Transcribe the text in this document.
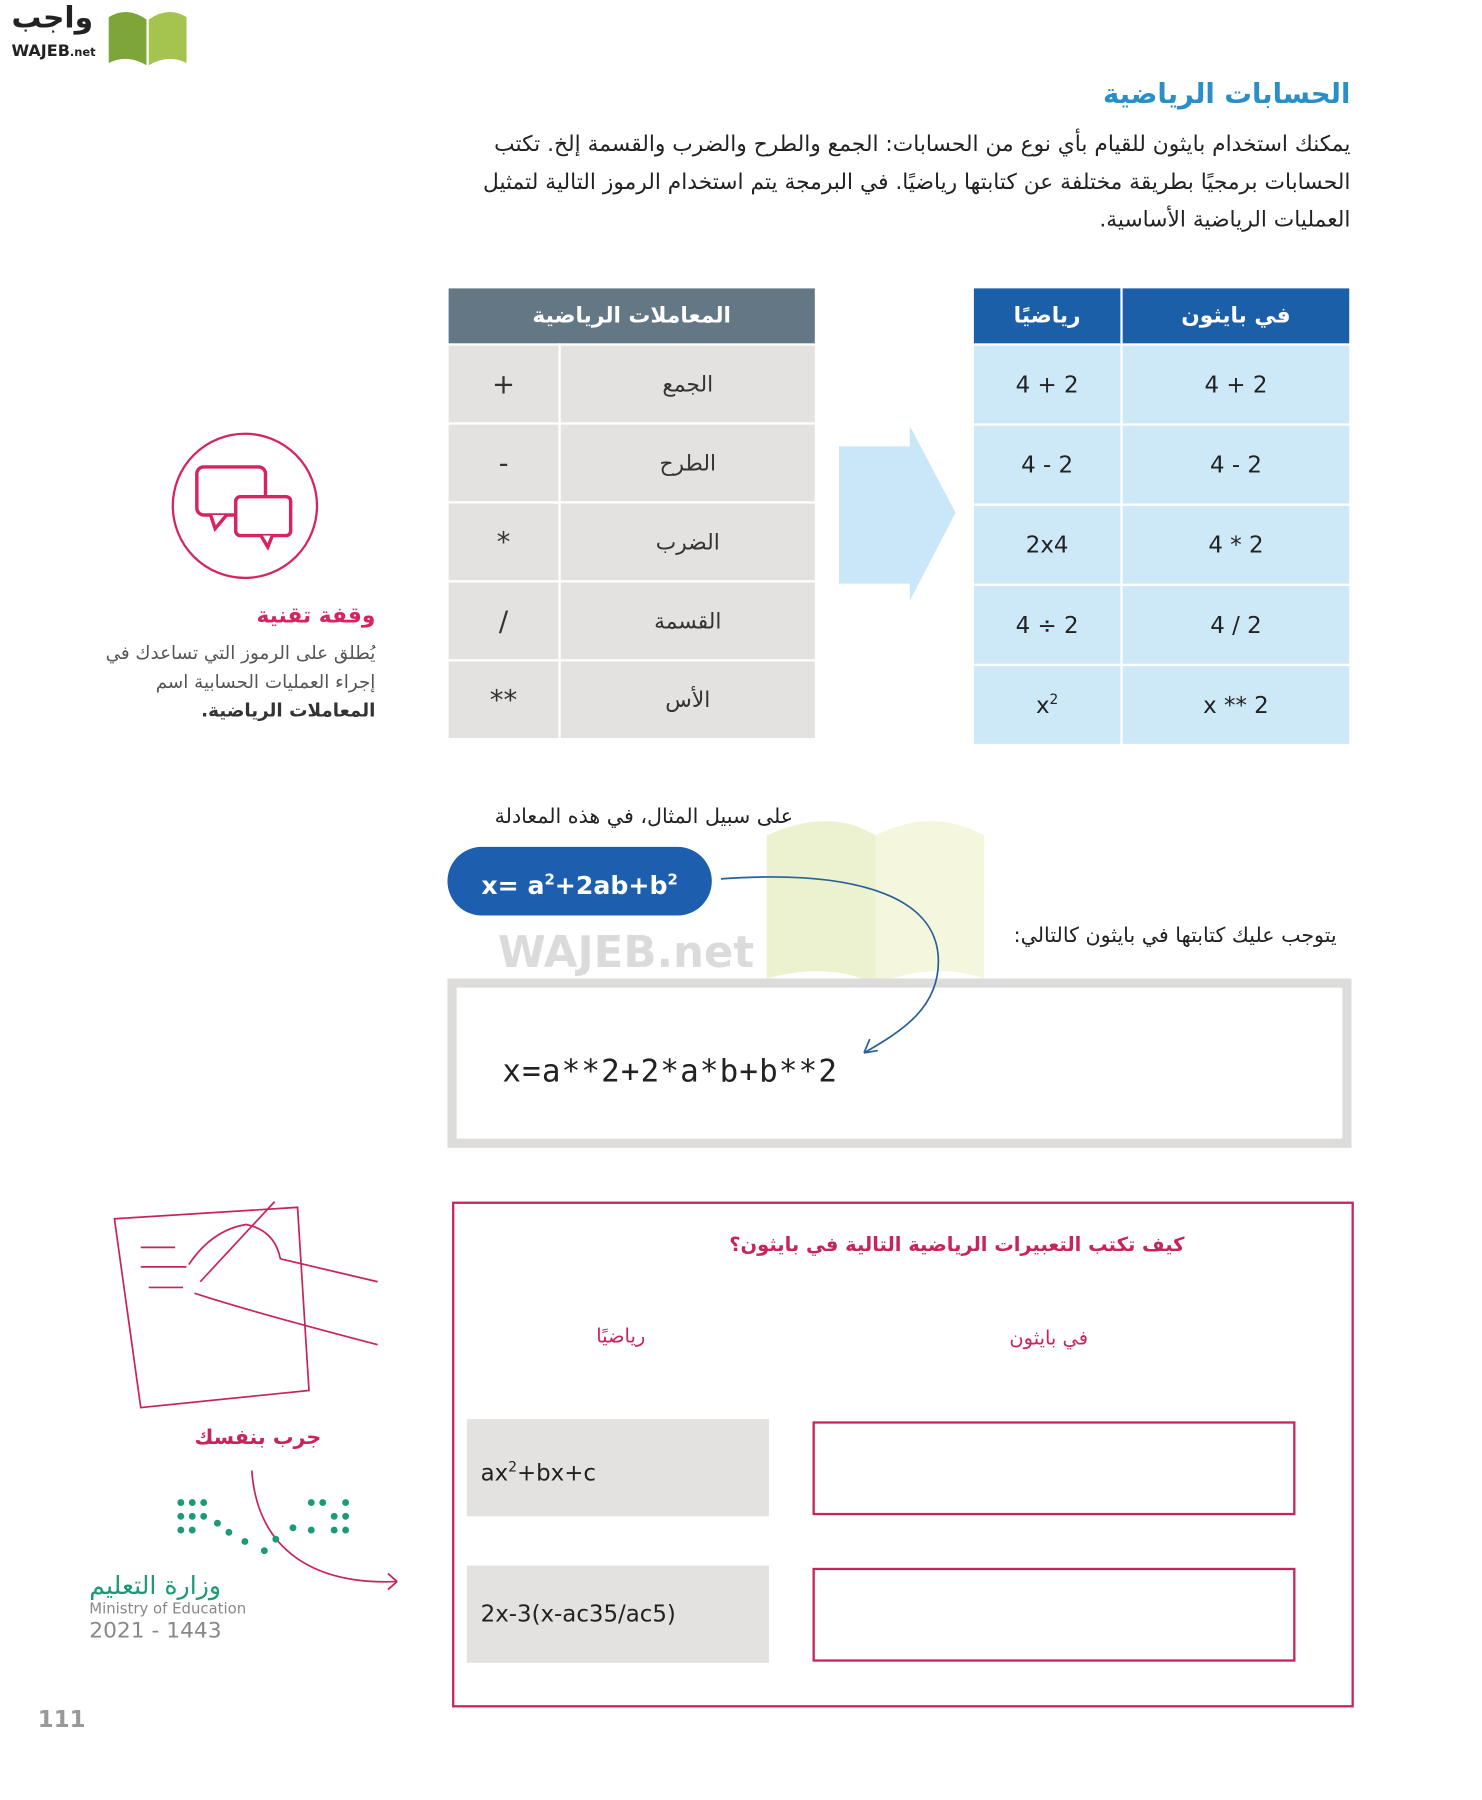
واجب
WAJEB.net
الحسابات الرياضية
يمكنك استخدام بايثون للقيام بأي نوع من الحسابات: الجمع والطرح والضرب والقسمة إلخ. تكتب الحسابات برمجيًا بطريقة مختلفة عن كتابتها رياضيًا. في البرمجة يتم استخدام الرموز التالية لتمثيل العمليات الرياضية الأساسية.
المعاملات الرياضية	
الجمع	+
الطرح	-
الضرب	*
القسمة	/
الأس	**
في بايثون	رياضيًا
2 + 4	2 + 4
2 - 4	2 - 4
2 * 4	2x4
2 / 4	2 ÷ 4
x ** 2	$x^2$
وقفة تقنية
يُطلق على الرموز التي تساعدك في إجراء العمليات الحسابية اسم المعاملات الرياضية.
WAJEB.net
على سبيل المثال، في هذه المعادلة
$x= a^2+2ab+b^2$
يتوجب عليك كتابتها في بايثون كالتالي:
x=a**2+2*a*b+b**2
كيف تكتب التعبيرات الرياضية التالية في بايثون؟
رياضيًا	في بايثون
$ax^2+bx+c$
2x-3(x-ac35/ac5)
جرب بنفسك
وزارة التعليم
Ministry of Education
2021 - 1443
111
